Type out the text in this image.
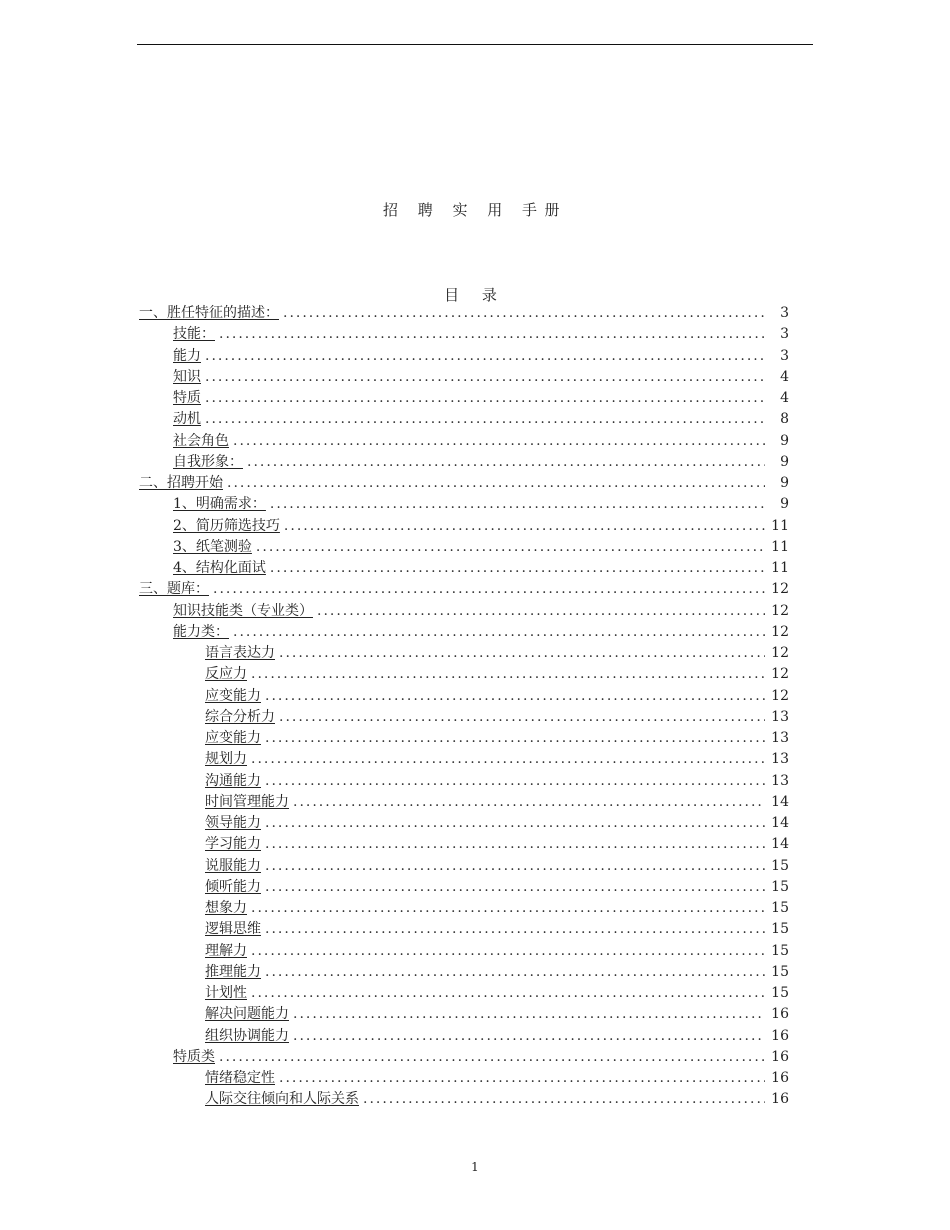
招 聘 实 用 手册
目 录
一、胜任特征的描述： .....	3
技能： .....	3
能力 .....	3
知识 .....	4
特质 .....	4
动机 .....	8
社会角色 .....	9
自我形象： .....	9
二、招聘开始 .....	9
1、明确需求： .....	9
2、简历筛选技巧 .....	11
3、纸笔测验 .....	11
4、结构化面试 .....	11
三、题库： .....	12
知识技能类（专业类） .....	12
能力类： .....	12
语言表达力 .....	12
反应力 .....	12
应变能力 .....	12
综合分析力 .....	13
应变能力 .....	13
规划力 .....	13
沟通能力 .....	13
时间管理能力 .....	14
领导能力 .....	14
学习能力 .....	14
说服能力 .....	15
倾听能力 .....	15
想象力 .....	15
逻辑思维 .....	15
理解力 .....	15
推理能力 .....	15
计划性 .....	15
解决问题能力 .....	16
组织协调能力 .....	16
特质类 .....	16
情绪稳定性 .....	16
人际交往倾向和人际关系 .....	16
1
